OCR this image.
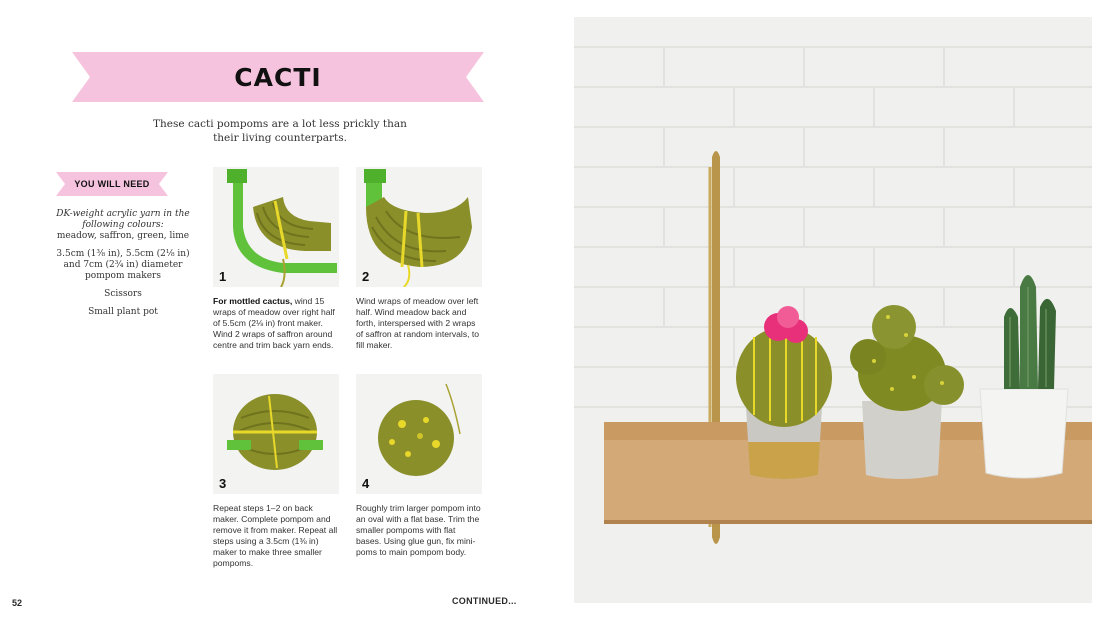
CACTI
These cacti pompoms are a lot less prickly than their living counterparts.
YOU WILL NEED
DK-weight acrylic yarn in the following colours:
meadow, saffron, green, lime
3.5cm (1⅜ in), 5.5cm (2⅛ in) and 7cm (2¾ in) diameter pompom makers
Scissors
Small plant pot
1
For mottled cactus, wind 15 wraps of meadow over right half of 5.5cm (2⅛ in) front maker. Wind 2 wraps of saffron around centre and trim back yarn ends.
2
Wind wraps of meadow over left half. Wind meadow back and forth, interspersed with 2 wraps of saffron at random intervals, to fill maker.
3
Repeat steps 1–2 on back maker. Complete pompom and remove it from maker. Repeat all steps using a 3.5cm (1⅜ in) maker to make three smaller pompoms.
4
Roughly trim larger pompom into an oval with a flat base. Trim the smaller pompoms with flat bases. Using glue gun, fix mini-poms to main pompom body.
52	CONTINUED...
